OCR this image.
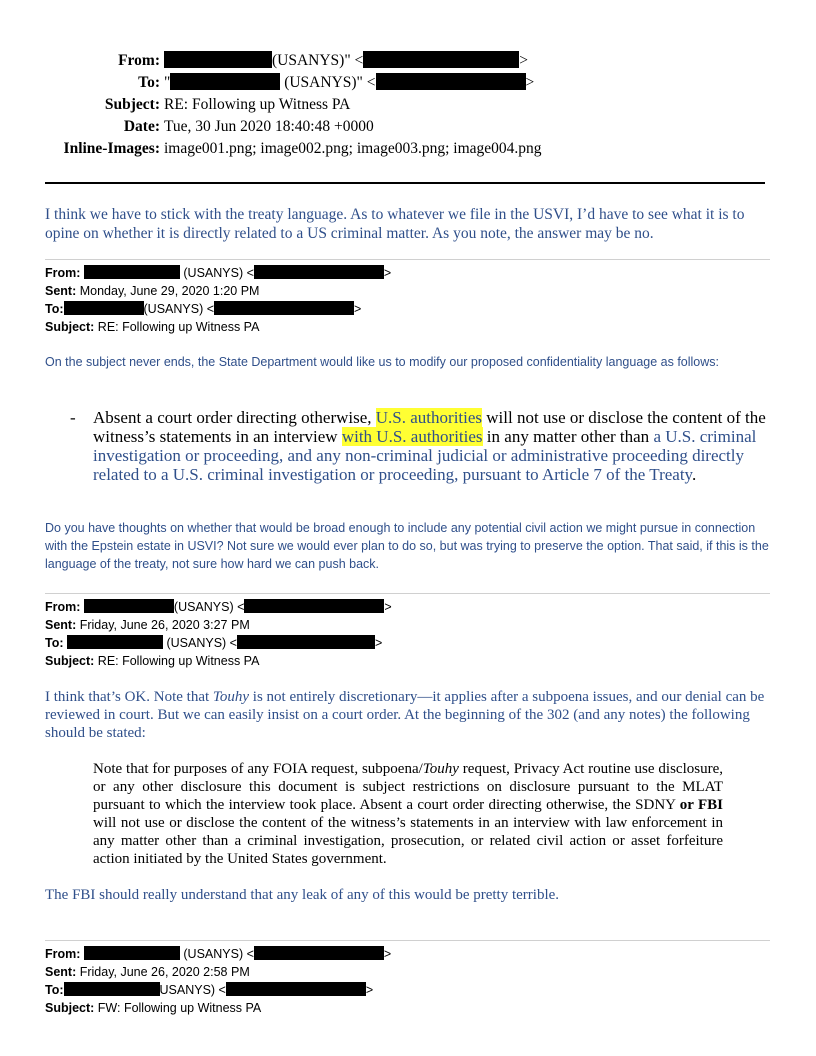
From:	(USANYS)" <	>
To: "	(USANYS)" <	>
Subject: RE: Following up Witness PA
Date: Tue, 30 Jun 2020 18:40:48 +0000
Inline-Images: image001.png; image002.png; image003.png; image004.png
I think we have to stick with the treaty language. As to whatever we file in the USVI, I’d have to see what it is to opine on whether it is directly related to a US criminal matter. As you note, the answer may be no.
From:	(USANYS) <	>
Sent: Monday, June 29, 2020 1:20 PM
To:	(USANYS) <	>
Subject: RE: Following up Witness PA
On the subject never ends, the State Department would like us to modify our proposed confidentiality language as follows:
-	Absent a court order directing otherwise, U.S. authorities will not use or disclose the content of the witness’s statements in an interview with U.S. authorities in any matter other than a U.S. criminal investigation or proceeding, and any non-criminal judicial or administrative proceeding directly related to a U.S. criminal investigation or proceeding, pursuant to Article 7 of the Treaty.
Do you have thoughts on whether that would be broad enough to include any potential civil action we might pursue in connection with the Epstein estate in USVI? Not sure we would ever plan to do so, but was trying to preserve the option. That said, if this is the language of the treaty, not sure how hard we can push back.
From:	(USANYS) <	>
Sent: Friday, June 26, 2020 3:27 PM
To:	(USANYS) <	>
Subject: RE: Following up Witness PA
I think that’s OK. Note that Touhy is not entirely discretionary—it applies after a subpoena issues, and our denial can be reviewed in court. But we can easily insist on a court order. At the beginning of the 302 (and any notes) the following should be stated:
Note that for purposes of any FOIA request, subpoena/Touhy request, Privacy Act routine use disclosure, or any other disclosure this document is subject restrictions on disclosure pursuant to the MLAT pursuant to which the interview took place. Absent a court order directing otherwise, the SDNY or FBI will not use or disclose the content of the witness’s statements in an interview with law enforcement in any matter other than a criminal investigation, prosecution, or related civil action or asset forfeiture action initiated by the United States government.
The FBI should really understand that any leak of any of this would be pretty terrible.
From:	(USANYS) <	>
Sent: Friday, June 26, 2020 2:58 PM
To:	USANYS) <	>
Subject: FW: Following up Witness PA
